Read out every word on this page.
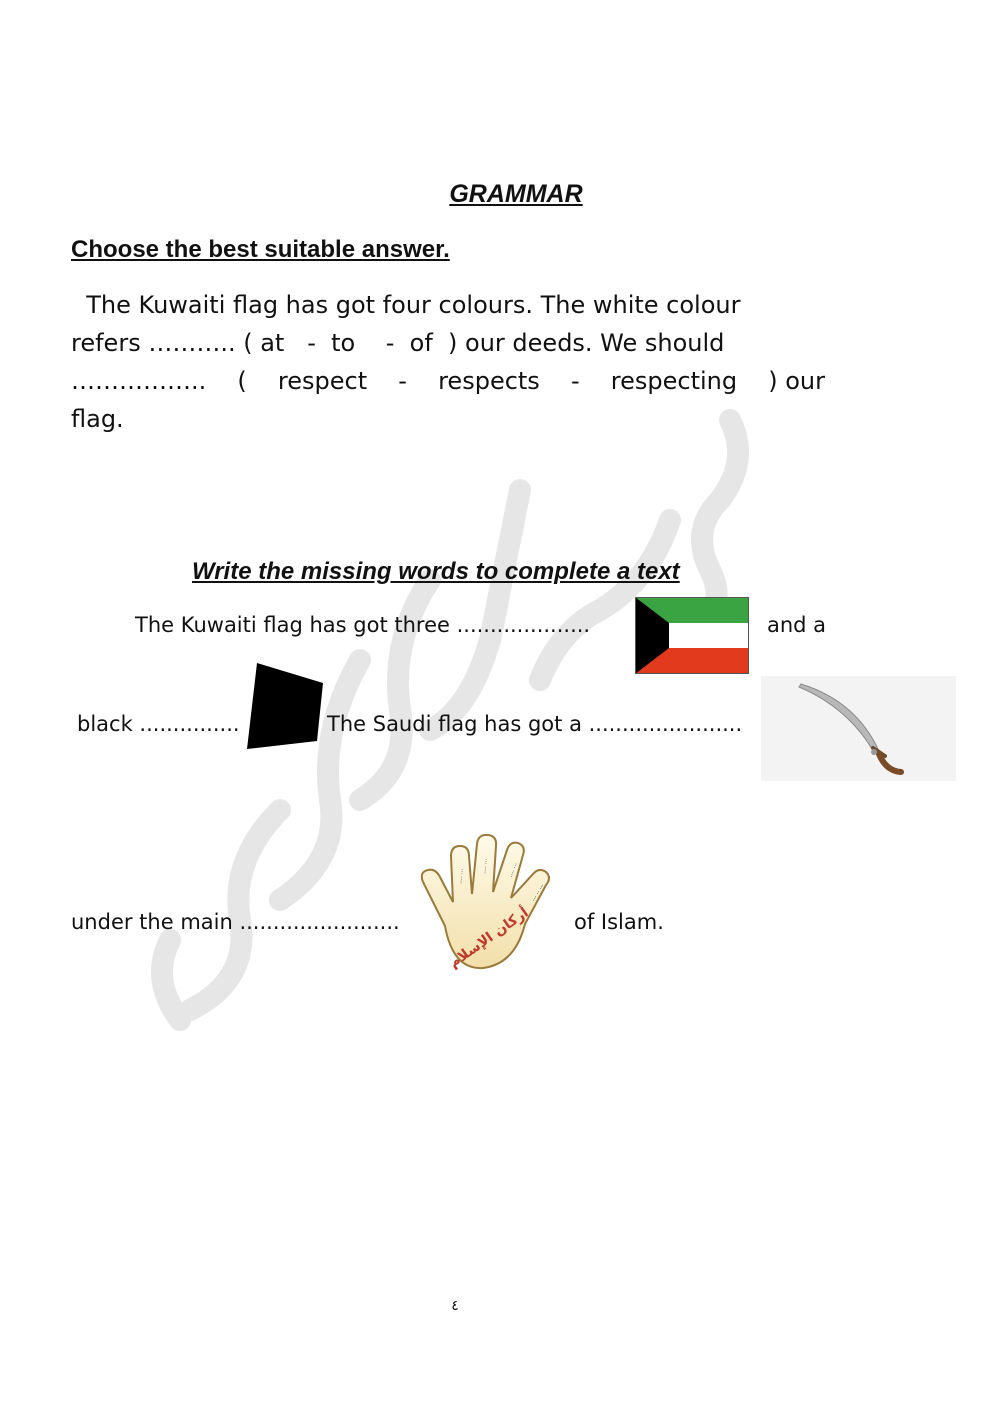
GRAMMAR
Choose the best suitable answer.
The Kuwaiti flag has got four colours. The white colour
refers ……….. ( at   -  to    -  of  ) our deeds. We should
…………….. ( respect - respects - respecting ) our
flag.
Write the missing words to complete a text
The Kuwaiti flag has got three ....................	and a
black ...............	The Saudi flag has got a .......................
under the main ........................	أركان الإسلام
··· ·· ···
···· ···
···· ···
···· ···
of Islam.
٤
